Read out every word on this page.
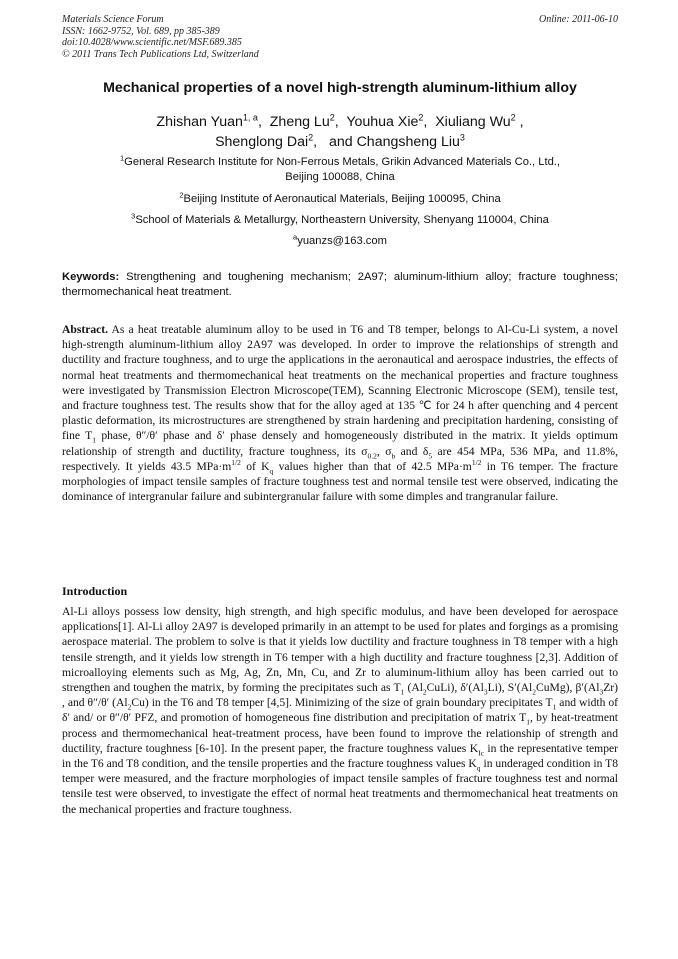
Materials Science Forum
ISSN: 1662-9752, Vol. 689, pp 385-389
doi:10.4028/www.scientific.net/MSF.689.385
© 2011 Trans Tech Publications Ltd, Switzerland
Online: 2011-06-10
Mechanical properties of a novel high-strength aluminum-lithium alloy
Zhishan Yuan$^{1, a}$,  Zheng Lu$^2$,  Youhua Xie$^2$,  Xiuliang Wu$^2$ ,
Shenglong Dai$^2$,   and Changsheng Liu$^3$
$^1$General Research Institute for Non-Ferrous Metals, Grikin Advanced Materials Co., Ltd.,
Beijing 100088, China
$^2$Beijing Institute of Aeronautical Materials, Beijing 100095, China
$^3$School of Materials & Metallurgy, Northeastern University, Shenyang 110004, China
$^a$yuanzs@163.com
Keywords: Strengthening and toughening mechanism; 2A97; aluminum-lithium alloy; fracture toughness; thermomechanical heat treatment.
Abstract. As a heat treatable aluminum alloy to be used in T6 and T8 temper, belongs to Al-Cu-Li system, a novel high-strength aluminum-lithium alloy 2A97 was developed. In order to improve the relationships of strength and ductility and fracture toughness, and to urge the applications in the aeronautical and aerospace industries, the effects of normal heat treatments and thermomechanical heat treatments on the mechanical properties and fracture toughness were investigated by Transmission Electron Microscope(TEM), Scanning Electronic Microscope (SEM), tensile test, and fracture toughness test. The results show that for the alloy aged at 135 ℃ for 24 h after quenching and 4 percent plastic deformation, its microstructures are strengthened by strain hardening and precipitation hardening, consisting of fine $T_1$ phase, θ″/θ′ phase and δ′ phase densely and homogeneously distributed in the matrix. It yields optimum relationship of strength and ductility, fracture toughness, its $\sigma_{0.2}$, $\sigma_b$ and $\delta_5$ are 454 MPa, 536 MPa, and 11.8%, respectively. It yields 43.5 $MPa\cdot m^{1/2}$ of $K_q$ values higher than that of 42.5 $MPa\cdot m^{1/2}$ in T6 temper. The fracture morphologies of impact tensile samples of fracture toughness test and normal tensile test were observed, indicating the dominance of intergranular failure and subintergranular failure with some dimples and trangranular failure.
Introduction
Al-Li alloys possess low density, high strength, and high specific modulus, and have been developed for aerospace applications[1]. Al-Li alloy 2A97 is developed primarily in an attempt to be used for plates and forgings as a promising aerospace material. The problem to solve is that it yields low ductility and fracture toughness in T8 temper with a high tensile strength, and it yields low strength in T6 temper with a high ductility and fracture toughness [2,3]. Addition of microalloying elements such as Mg, Ag, Zn, Mn, Cu, and Zr to aluminum-lithium alloy has been carried out to strengthen and toughen the matrix, by forming the precipitates such as $T_1$ $(Al_2CuLi)$, $\delta'(Al_3Li)$, $S'(Al_2CuMg)$, $\beta'(Al_3Zr)$ , and θ″/θ′ $(Al_2Cu)$ in the T6 and T8 temper [4,5]. Minimizing of the size of grain boundary precipitates $T_1$ and width of δ′ and/ or θ″/θ′ PFZ, and promotion of homogeneous fine distribution and precipitation of matrix $T_1$, by heat-treatment process and thermomechanical heat-treatment process, have been found to improve the relationship of strength and ductility, fracture toughness [6-10]. In the present paper, the fracture toughness values $K_{Ic}$ in the representative temper in the T6 and T8 condition, and the tensile properties and the fracture toughness values $K_q$ in underaged condition in T8 temper were measured, and the fracture morphologies of impact tensile samples of fracture toughness test and normal tensile test were observed, to investigate the effect of normal heat treatments and thermomechanical heat treatments on the mechanical properties and fracture toughness.
